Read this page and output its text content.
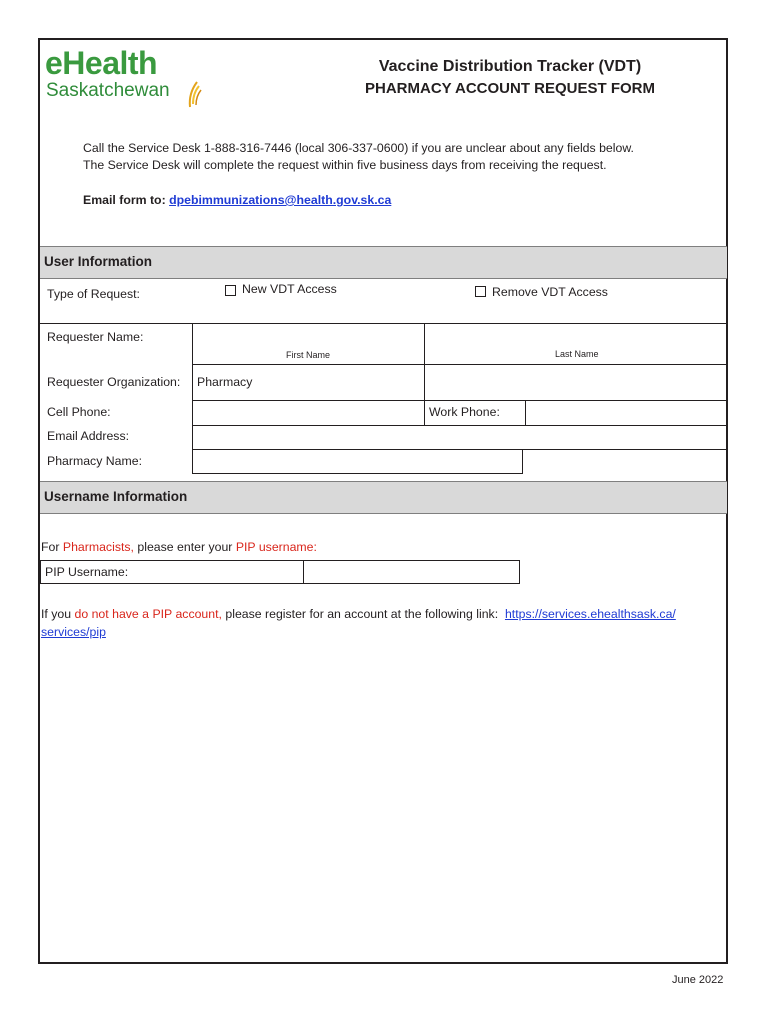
eHealth
Saskatchewan
Vaccine Distribution Tracker (VDT)
PHARMACY ACCOUNT REQUEST FORM
Call the Service Desk 1-888-316-7446 (local 306-337-0600) if you are unclear about any fields below.
The Service Desk will complete the request within five business days from receiving the request.
Email form to: dpebimmunizations@health.gov.sk.ca
User Information
Type of Request:	New VDT Access	Remove VDT Access
Requester Name:
First Name	Last Name
Requester Organization: Pharmacy
Cell Phone:	Work Phone:
Email Address:
Pharmacy Name:
Username Information
For Pharmacists, please enter your PIP username:
PIP Username:
If you do not have a PIP account, please register for an account at the following link: https://services.ehealthsask.ca/
services/pip
June 2022
